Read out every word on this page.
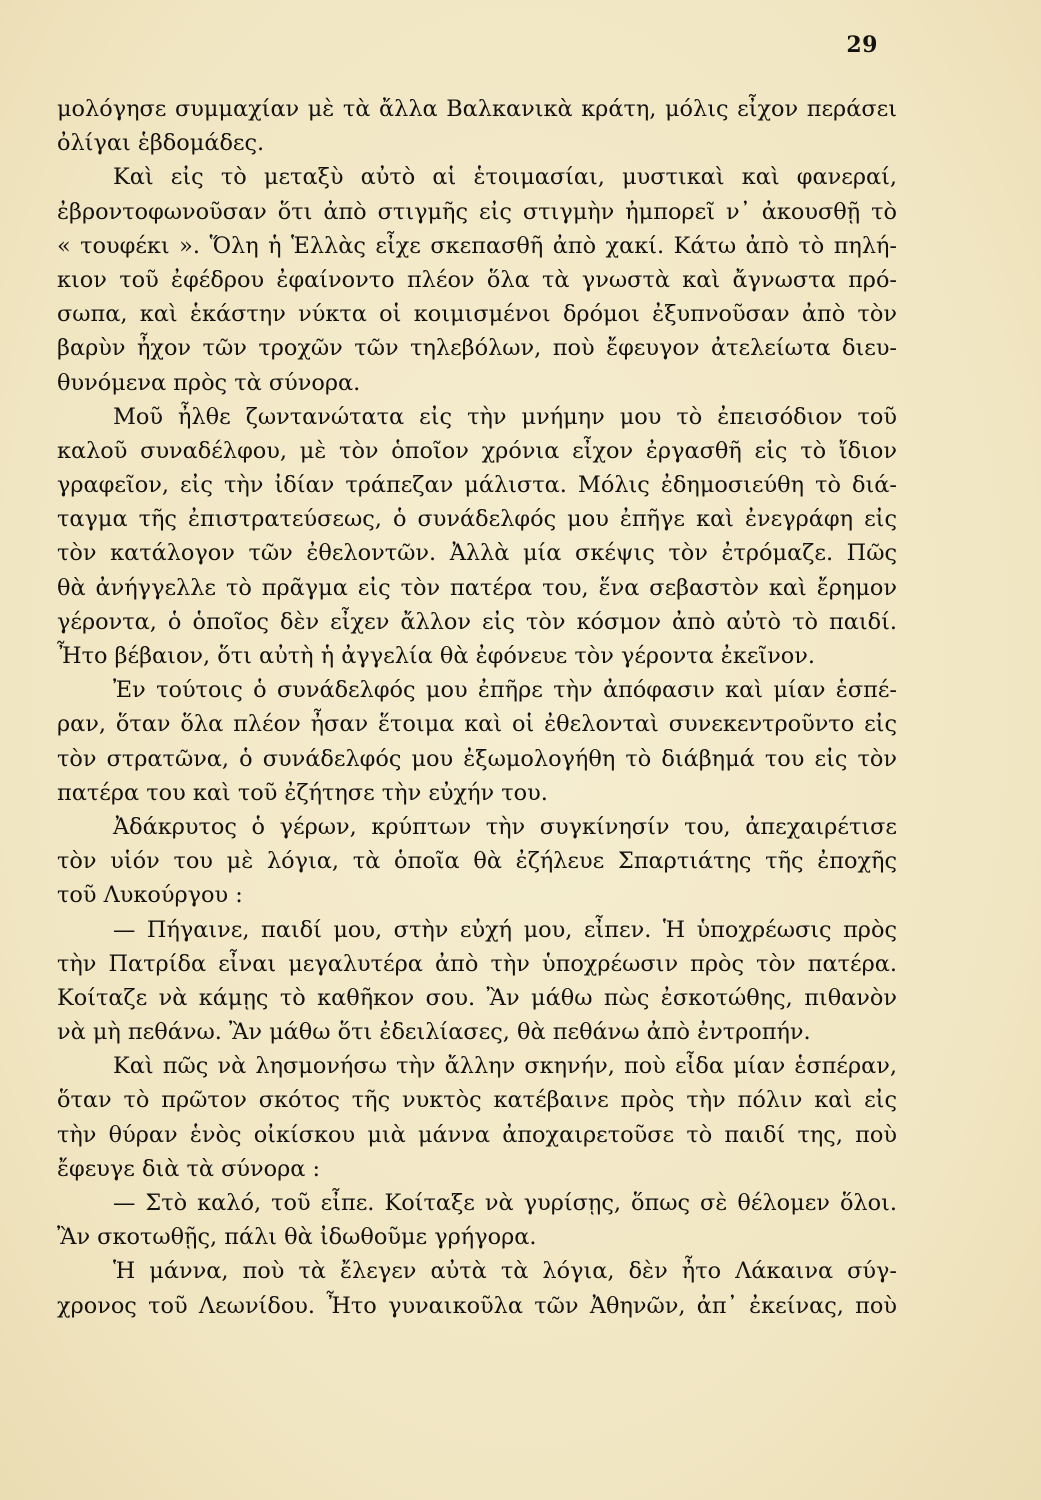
29
μολόγησε συμμαχίαν μὲ τὰ ἄλλα Βαλκανικὰ κράτη, μόλις εἶχον περάσει
ὀλίγαι ἑβδομάδες.
Καὶ εἰς τὸ μεταξὺ αὐτὸ αἱ ἑτοιμασίαι, μυστικαὶ καὶ φανεραί,
ἐβροντοφωνοῦσαν ὅτι ἀπὸ στιγμῆς εἰς στιγμὴν ἠμπορεῖ ν᾽ ἀκουσθῇ τὸ
« τουφέκι ». Ὅλη ἡ Ἑλλὰς εἶχε σκεπασθῆ ἀπὸ χακί. Κάτω ἀπὸ τὸ πηλή-
κιον τοῦ ἐφέδρου ἐφαίνοντο πλέον ὅλα τὰ γνωστὰ καὶ ἄγνωστα πρό-
σωπα, καὶ ἑκάστην νύκτα οἱ κοιμισμένοι δρόμοι ἐξυπνοῦσαν ἀπὸ τὸν
βαρὺν ἦχον τῶν τροχῶν τῶν τηλεβόλων, ποὺ ἔφευγον ἀτελείωτα διευ-
θυνόμενα πρὸς τὰ σύνορα.
Μοῦ ἦλθε ζωντανώτατα εἰς τὴν μνήμην μου τὸ ἐπεισόδιον τοῦ
καλοῦ συναδέλφου, μὲ τὸν ὁποῖον χρόνια εἶχον ἐργασθῆ εἰς τὸ ἴδιον
γραφεῖον, εἰς τὴν ἰδίαν τράπεζαν μάλιστα. Μόλις ἐδημοσιεύθη τὸ διά-
ταγμα τῆς ἐπιστρατεύσεως, ὁ συνάδελφός μου ἐπῆγε καὶ ἐνεγράφη εἰς
τὸν κατάλογον τῶν ἐθελοντῶν. Ἀλλὰ μία σκέψις τὸν ἐτρόμαζε. Πῶς
θὰ ἀνήγγελλε τὸ πρᾶγμα εἰς τὸν πατέρα του, ἕνα σεβαστὸν καὶ ἔρημον
γέροντα, ὁ ὁποῖος δὲν εἶχεν ἄλλον εἰς τὸν κόσμον ἀπὸ αὐτὸ τὸ παιδί.
Ἦτο βέβαιον, ὅτι αὐτὴ ἡ ἀγγελία θὰ ἐφόνευε τὸν γέροντα ἐκεῖνον.
Ἐν τούτοις ὁ συνάδελφός μου ἐπῆρε τὴν ἀπόφασιν καὶ μίαν ἑσπέ-
ραν, ὅταν ὅλα πλέον ἦσαν ἕτοιμα καὶ οἱ ἐθελονταὶ συνεκεντροῦντο εἰς
τὸν στρατῶνα, ὁ συνάδελφός μου ἐξωμολογήθη τὸ διάβημά του εἰς τὸν
πατέρα του καὶ τοῦ ἐζήτησε τὴν εὐχήν του.
Ἀδάκρυτος ὁ γέρων, κρύπτων τὴν συγκίνησίν του, ἀπεχαιρέτισε
τὸν υἱόν του μὲ λόγια, τὰ ὁποῖα θὰ ἐζήλευε Σπαρτιάτης τῆς ἐποχῆς
τοῦ Λυκούργου :
— Πήγαινε, παιδί μου, στὴν εὐχή μου, εἶπεν. Ἡ ὑποχρέωσις πρὸς
τὴν Πατρίδα εἶναι μεγαλυτέρα ἀπὸ τὴν ὑποχρέωσιν πρὸς τὸν πατέρα.
Κοίταζε νὰ κάμῃς τὸ καθῆκον σου. Ἂν μάθω πὼς ἐσκοτώθης, πιθανὸν
νὰ μὴ πεθάνω. Ἂν μάθω ὅτι ἐδειλίασες, θὰ πεθάνω ἀπὸ ἐντροπήν.
Καὶ πῶς νὰ λησμονήσω τὴν ἄλλην σκηνήν, ποὺ εἶδα μίαν ἑσπέραν,
ὅταν τὸ πρῶτον σκότος τῆς νυκτὸς κατέβαινε πρὸς τὴν πόλιν καὶ εἰς
τὴν θύραν ἑνὸς οἰκίσκου μιὰ μάννα ἀποχαιρετοῦσε τὸ παιδί της, ποὺ
ἔφευγε διὰ τὰ σύνορα :
— Στὸ καλό, τοῦ εἶπε. Κοίταξε νὰ γυρίσῃς, ὅπως σὲ θέλομεν ὅλοι.
Ἂν σκοτωθῇς, πάλι θὰ ἰδωθοῦμε γρήγορα.
Ἡ μάννα, ποὺ τὰ ἔλεγεν αὐτὰ τὰ λόγια, δὲν ἦτο Λάκαινα σύγ-
χρονος τοῦ Λεωνίδου. Ἦτο γυναικοῦλα τῶν Ἀθηνῶν, ἀπ᾽ ἐκείνας, ποὺ
